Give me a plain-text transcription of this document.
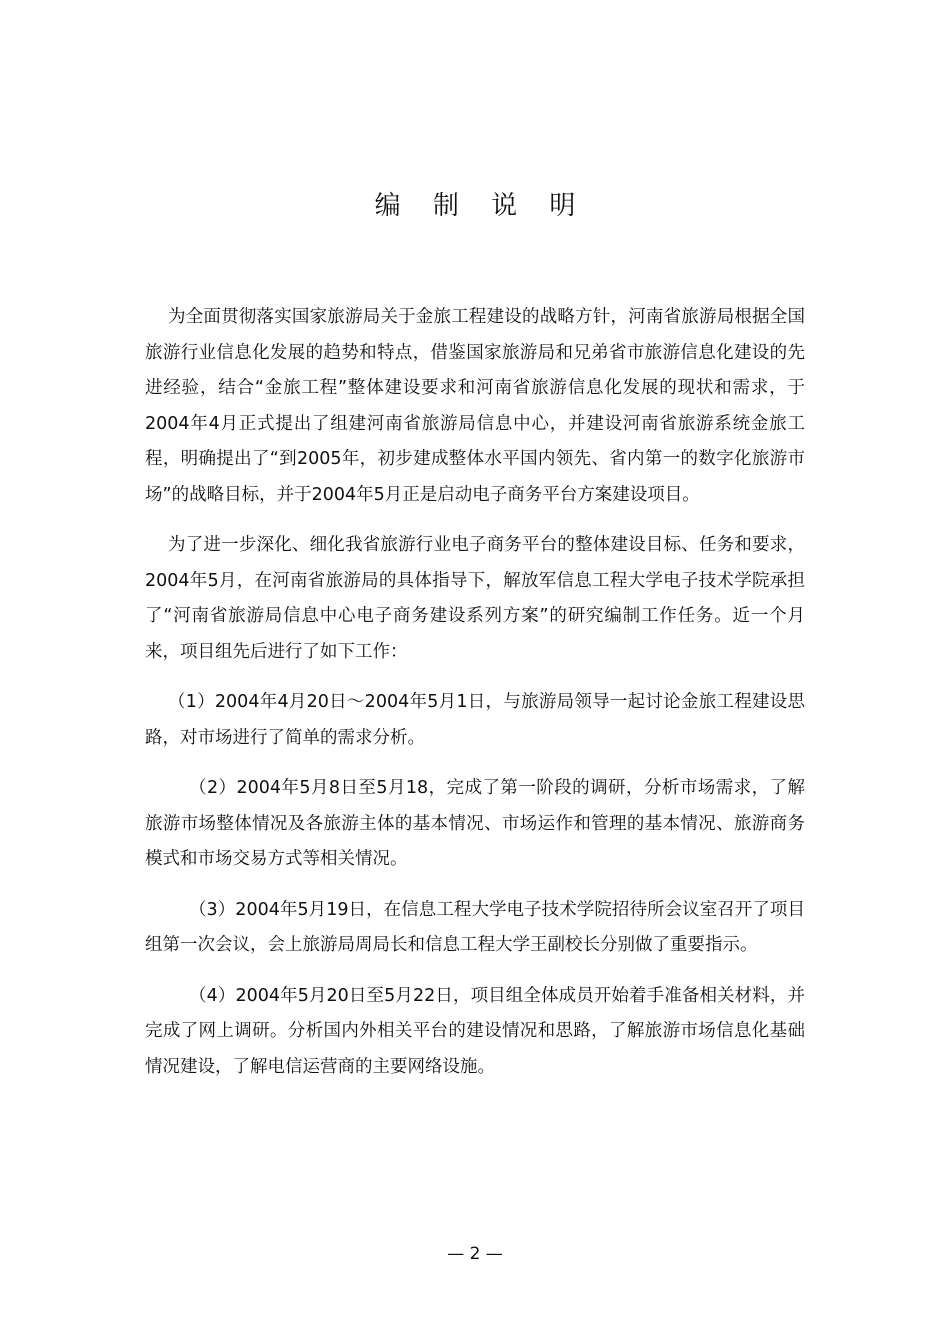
编 制 说 明

为全面贯彻落实国家旅游局关于金旅工程建设的战略方针，河南省旅游局根据全国旅游行业信息化发展的趋势和特点，借鉴国家旅游局和兄弟省市旅游信息化建设的先进经验，结合“金旅工程”整体建设要求和河南省旅游信息化发展的现状和需求，于2004年4月正式提出了组建河南省旅游局信息中心，并建设河南省旅游系统金旅工程，明确提出了“到2005年，初步建成整体水平国内领先、省内第一的数字化旅游市场”的战略目标，并于2004年5月正是启动电子商务平台方案建设项目。

为了进一步深化、细化我省旅游行业电子商务平台的整体建设目标、任务和要求，2004年5月，在河南省旅游局的具体指导下，解放军信息工程大学电子技术学院承担了“河南省旅游局信息中心电子商务建设系列方案”的研究编制工作任务。近一个月来，项目组先后进行了如下工作：

（1）2004年4月20日～2004年5月1日，与旅游局领导一起讨论金旅工程建设思路，对市场进行了简单的需求分析。

（2）2004年5月8日至5月18，完成了第一阶段的调研，分析市场需求，了解旅游市场整体情况及各旅游主体的基本情况、市场运作和管理的基本情况、旅游商务模式和市场交易方式等相关情况。

（3）2004年5月19日，在信息工程大学电子技术学院招待所会议室召开了项目组第一次会议，会上旅游局周局长和信息工程大学王副校长分别做了重要指示。

（4）2004年5月20日至5月22日，项目组全体成员开始着手准备相关材料，并完成了网上调研。分析国内外相关平台的建设情况和思路，了解旅游市场信息化基础情况建设，了解电信运营商的主要网络设施。

— 2 —
